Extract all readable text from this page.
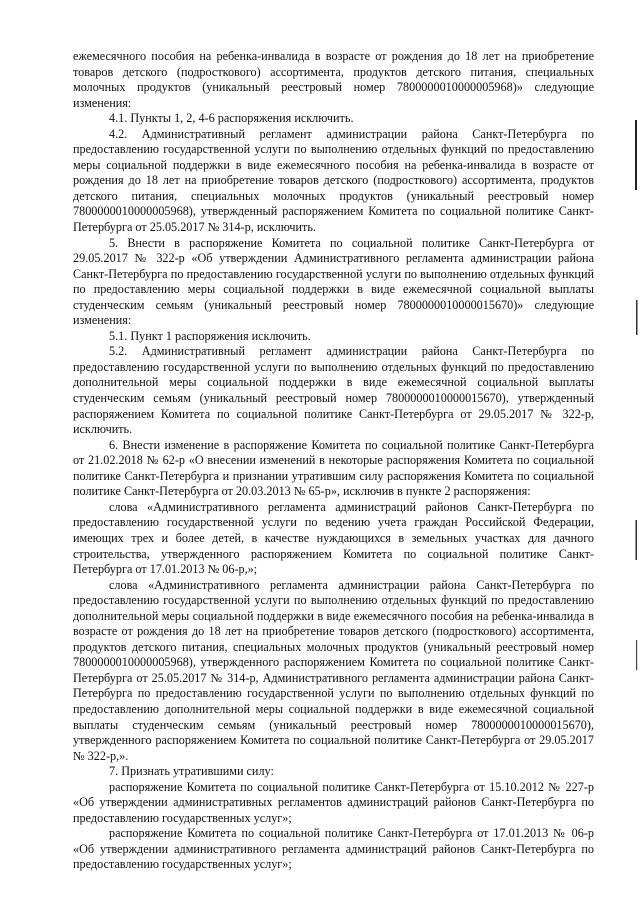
ежемесячного пособия на ребенка-инвалида в возрасте от рождения до 18 лет на приобретение товаров детского (подросткового) ассортимента, продуктов детского питания, специальных молочных продуктов (уникальный реестровый номер 7800000010000005968)» следующие изменения:

4.1. Пункты 1, 2, 4-6 распоряжения исключить.

4.2. Административный регламент администрации района Санкт-Петербурга по предоставлению государственной услуги по выполнению отдельных функций по предоставлению меры социальной поддержки в виде ежемесячного пособия на ребенка-инвалида в возрасте от рождения до 18 лет на приобретение товаров детского (подросткового) ассортимента, продуктов детского питания, специальных молочных продуктов (уникальный реестровый номер 7800000010000005968), утвержденный распоряжением Комитета по социальной политике Санкт-Петербурга от 25.05.2017 № 314-р, исключить.

5. Внести в распоряжение Комитета по социальной политике Санкт-Петербурга от 29.05.2017 № 322-р «Об утверждении Административного регламента администрации района Санкт-Петербурга по предоставлению государственной услуги по выполнению отдельных функций по предоставлению меры социальной поддержки в виде ежемесячной социальной выплаты студенческим семьям (уникальный реестровый номер 7800000010000015670)» следующие изменения:

5.1. Пункт 1 распоряжения исключить.

5.2. Административный регламент администрации района Санкт-Петербурга по предоставлению государственной услуги по выполнению отдельных функций по предоставлению дополнительной меры социальной поддержки в виде ежемесячной социальной выплаты студенческим семьям (уникальный реестровый номер 7800000010000015670), утвержденный распоряжением Комитета по социальной политике Санкт-Петербурга от 29.05.2017 № 322-р, исключить.

6. Внести изменение в распоряжение Комитета по социальной политике Санкт-Петербурга от 21.02.2018 № 62-р «О внесении изменений в некоторые распоряжения Комитета по социальной политике Санкт-Петербурга и признании утратившим силу распоряжения Комитета по социальной политике Санкт-Петербурга от 20.03.2013 № 65-р», исключив в пункте 2 распоряжения:

слова «Административного регламента администраций районов Санкт-Петербурга по предоставлению государственной услуги по ведению учета граждан Российской Федерации, имеющих трех и более детей, в качестве нуждающихся в земельных участках для дачного строительства, утвержденного распоряжением Комитета по социальной политике Санкт-Петербурга от 17.01.2013 № 06-р,»;

слова «Административного регламента администрации района Санкт-Петербурга по предоставлению государственной услуги по выполнению отдельных функций по предоставлению дополнительной меры социальной поддержки в виде ежемесячного пособия на ребенка-инвалида в возрасте от рождения до 18 лет на приобретение товаров детского (подросткового) ассортимента, продуктов детского питания, специальных молочных продуктов (уникальный реестровый номер 7800000010000005968), утвержденного распоряжением Комитета по социальной политике Санкт-Петербурга от 25.05.2017 № 314-р, Административного регламента администрации района Санкт-Петербурга по предоставлению государственной услуги по выполнению отдельных функций по предоставлению дополнительной меры социальной поддержки в виде ежемесячной социальной выплаты студенческим семьям (уникальный реестровый номер 7800000010000015670), утвержденного распоряжением Комитета по социальной политике Санкт-Петербурга от 29.05.2017 № 322-р,».

7. Признать утратившими силу:

распоряжение Комитета по социальной политике Санкт-Петербурга от 15.10.2012 № 227-р «Об утверждении административных регламентов администраций районов Санкт-Петербурга по предоставлению государственных услуг»;

распоряжение Комитета по социальной политике Санкт-Петербурга от 17.01.2013 № 06-р «Об утверждении административного регламента администраций районов Санкт-Петербурга по предоставлению государственных услуг»;
